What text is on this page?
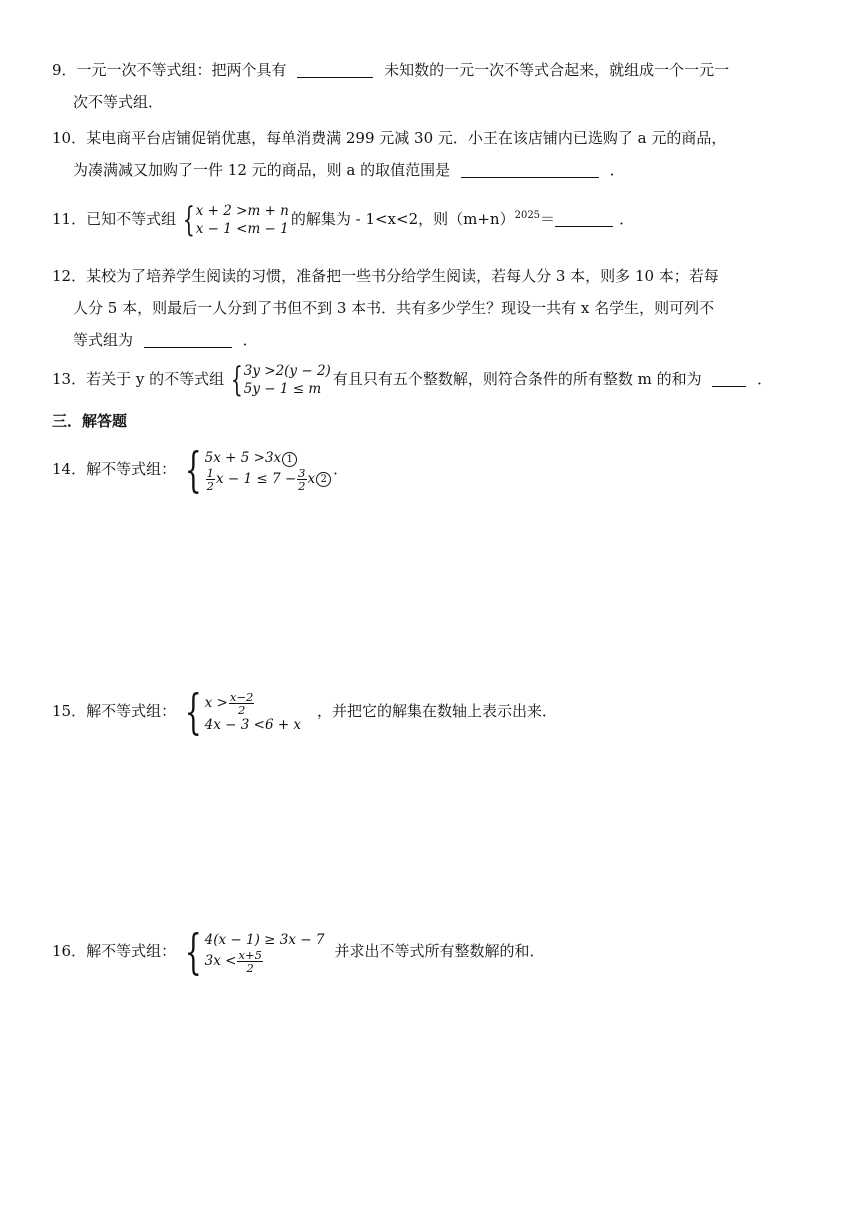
9．一元一次不等式组：把两个具有	未知数的一元一次不等式合起来，就组成一个一元一
次不等式组．
10．某电商平台店铺促销优惠，每单消费满 299 元减 30 元．小王在该店铺内已选购了 a 元的商品，
为凑满减又加购了一件 12 元的商品，则 a 的取值范围是	．
11．已知不等式组 { x + 2 >m + n
x − 1 <m − 1
的解集为 - 1<x<2，则$(m+n)^{2025}=$	．
12．某校为了培养学生阅读的习惯，准备把一些书分给学生阅读，若每人分 3 本，则多 10 本；若每
人分 5 本，则最后一人分到了书但不到 3 本书．共有多少学生？现设一共有 x 名学生，则可列不
等式组为	．
13．若关于 y 的不等式组 { 3y >2(y − 2)
5y − 1 ≤ m
有且只有五个整数解，则符合条件的所有整数 m 的和为	．
三．解答题
14．解不等式组： { 5x + 5 >3x 1
$\frac{1}{2}$ $x - 1 \le 7 - \frac{3}{2}$ x 2
．
15．解不等式组： { $x > \frac{x-2}{2}$
4x − 3 <6 + x
，并把它的解集在数轴上表示出来．
16．解不等式组： { 4(x − 1) ≥ 3x − 7
$3x < \frac{x+5}{2}$	并求出不等式所有整数解的和．
